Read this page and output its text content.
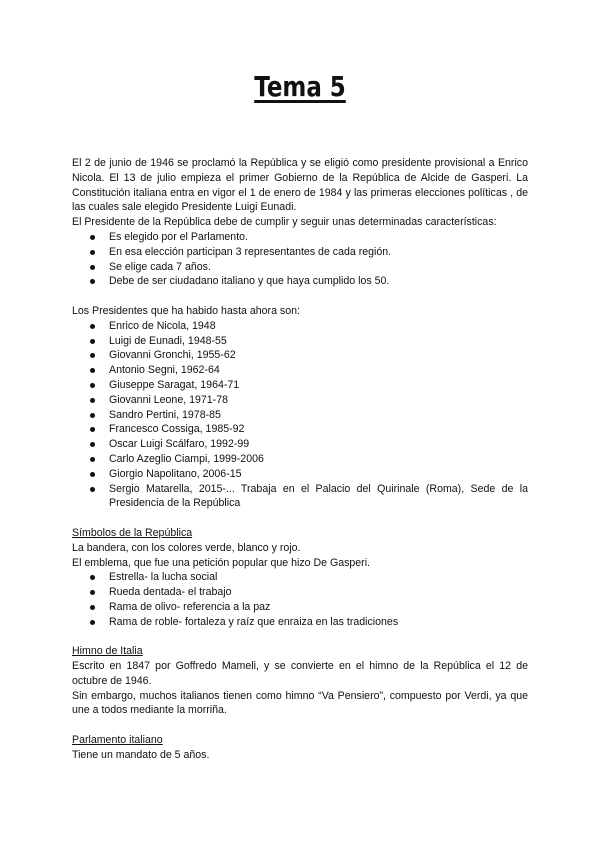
Tema 5

El 2 de junio de 1946 se proclamó la República y se eligió como presidente provisional a Enrico Nicola. El 13 de julio empieza el primer Gobierno de la República de Alcide de Gasperi. La Constitución italiana entra en vigor el 1 de enero de 1984 y las primeras elecciones políticas , de las cuales sale elegido Presidente Luigi Eunadi.

El Presidente de la República debe de cumplir y seguir unas determinadas características:

Es elegido por el Parlamento.
En esa elección participan 3 representantes de cada región.
Se elige cada 7 años.
Debe de ser ciudadano italiano y que haya cumplido los 50.

Los Presidentes que ha habido hasta ahora son:

Enrico de Nicola, 1948
Luigi de Eunadi, 1948-55
Giovanni Gronchi, 1955-62
Antonio Segni, 1962-64
Giuseppe Saragat, 1964-71
Giovanni Leone, 1971-78
Sandro Pertini, 1978-85
Francesco Cossiga, 1985-92
Oscar Luigi Scálfaro, 1992-99
Carlo Azeglio Ciampi, 1999-2006
Giorgio Napolitano, 2006-15
Sergio Matarella, 2015-... Trabaja en el Palacio del Quirinale (Roma), Sede de la Presidencia de la República

Símbolos de la República

La bandera, con los colores verde, blanco y rojo.

El emblema, que fue una petición popular que hizo De Gasperi.

Estrella- la lucha social
Rueda dentada- el trabajo
Rama de olivo- referencia a la paz
Rama de roble- fortaleza y raíz que enraiza en las tradiciones

Himno de Italia

Escrito en 1847 por Goffredo Mameli, y se convierte en el himno de la República el 12 de octubre de 1946.

Sin embargo, muchos italianos tienen como himno “Va Pensiero”, compuesto por Verdi, ya que une a todos mediante la morriña.

Parlamento italiano

Tiene un mandato de 5 años.
